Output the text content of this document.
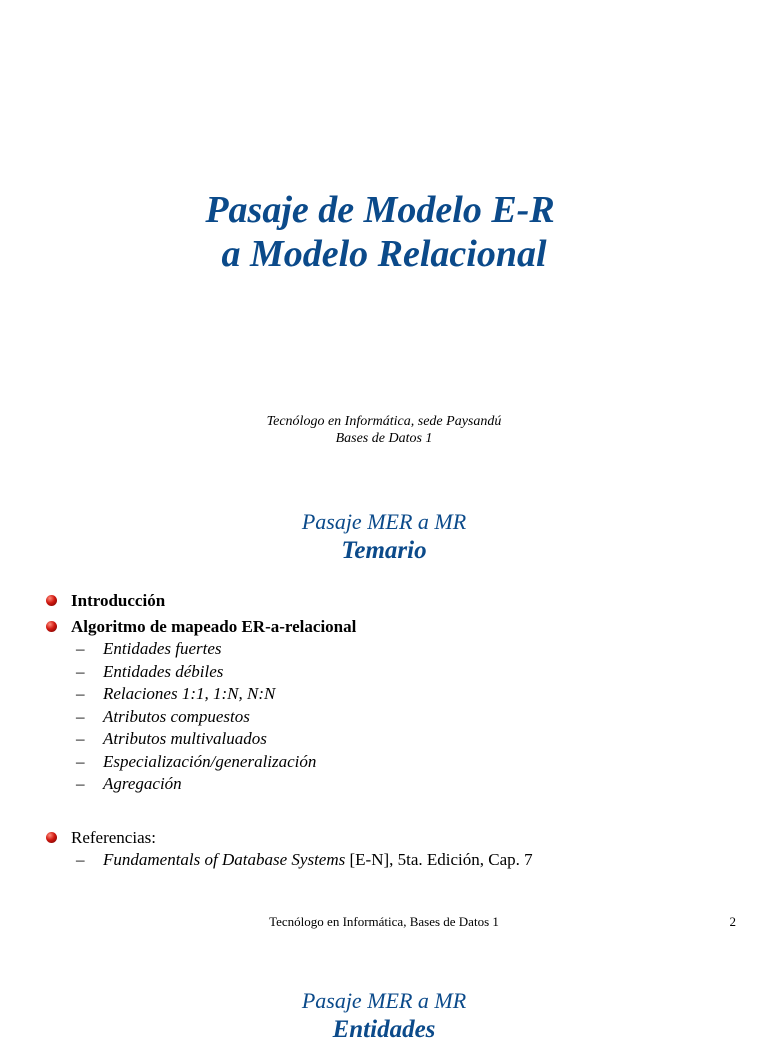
Pasaje de Modelo E-R
a Modelo Relacional
Tecnólogo en Informática, sede Paysandú
Bases de Datos 1
Pasaje MER a MR
Temario
Introducción
Algoritmo de mapeado ER-a-relacional
– Entidades fuertes
– Entidades débiles
– Relaciones 1:1, 1:N, N:N
– Atributos compuestos
– Atributos multivaluados
– Especialización/generalización
– Agregación
Referencias:
– Fundamentals of Database Systems [E-N], 5ta. Edición, Cap. 7
Tecnólogo en Informática, Bases de Datos 1	2
Pasaje MER a MR
Entidades
